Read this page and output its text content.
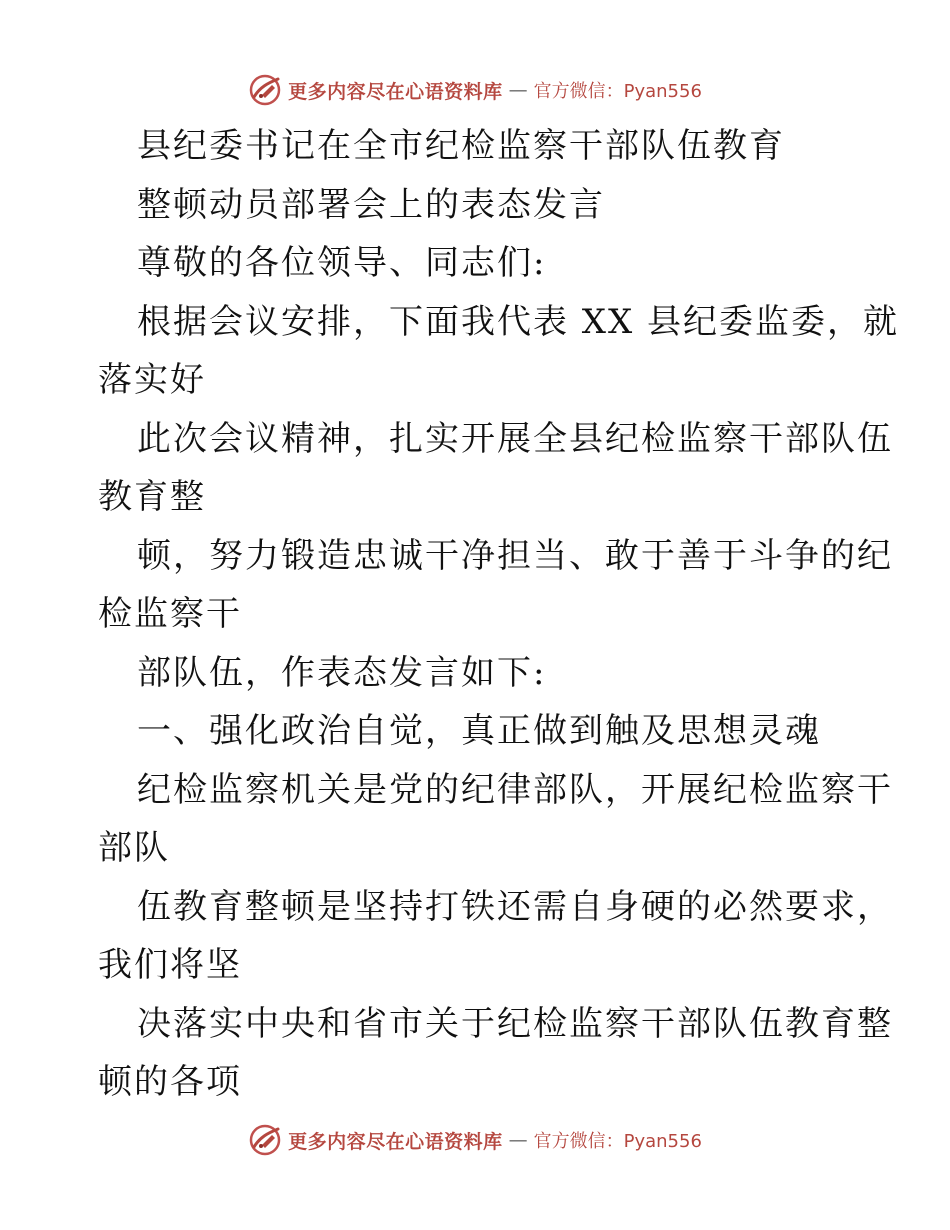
更多内容尽在心语资料库 — 官方微信：Pyan556
县纪委书记在全市纪检监察干部队伍教育
整顿动员部署会上的表态发言
尊敬的各位领导、同志们:
根据会议安排，下面我代表 XX 县纪委监委，就
落实好
此次会议精神，扎实开展全县纪检监察干部队伍
教育整
顿，努力锻造忠诚干净担当、敢于善于斗争的纪
检监察干
部队伍，作表态发言如下:
一、强化政治自觉，真正做到触及思想灵魂
纪检监察机关是党的纪律部队，开展纪检监察干
部队
伍教育整顿是坚持打铁还需自身硬的必然要求，
我们将坚
决落实中央和省市关于纪检监察干部队伍教育整
顿的各项
更多内容尽在心语资料库 — 官方微信：Pyan556
